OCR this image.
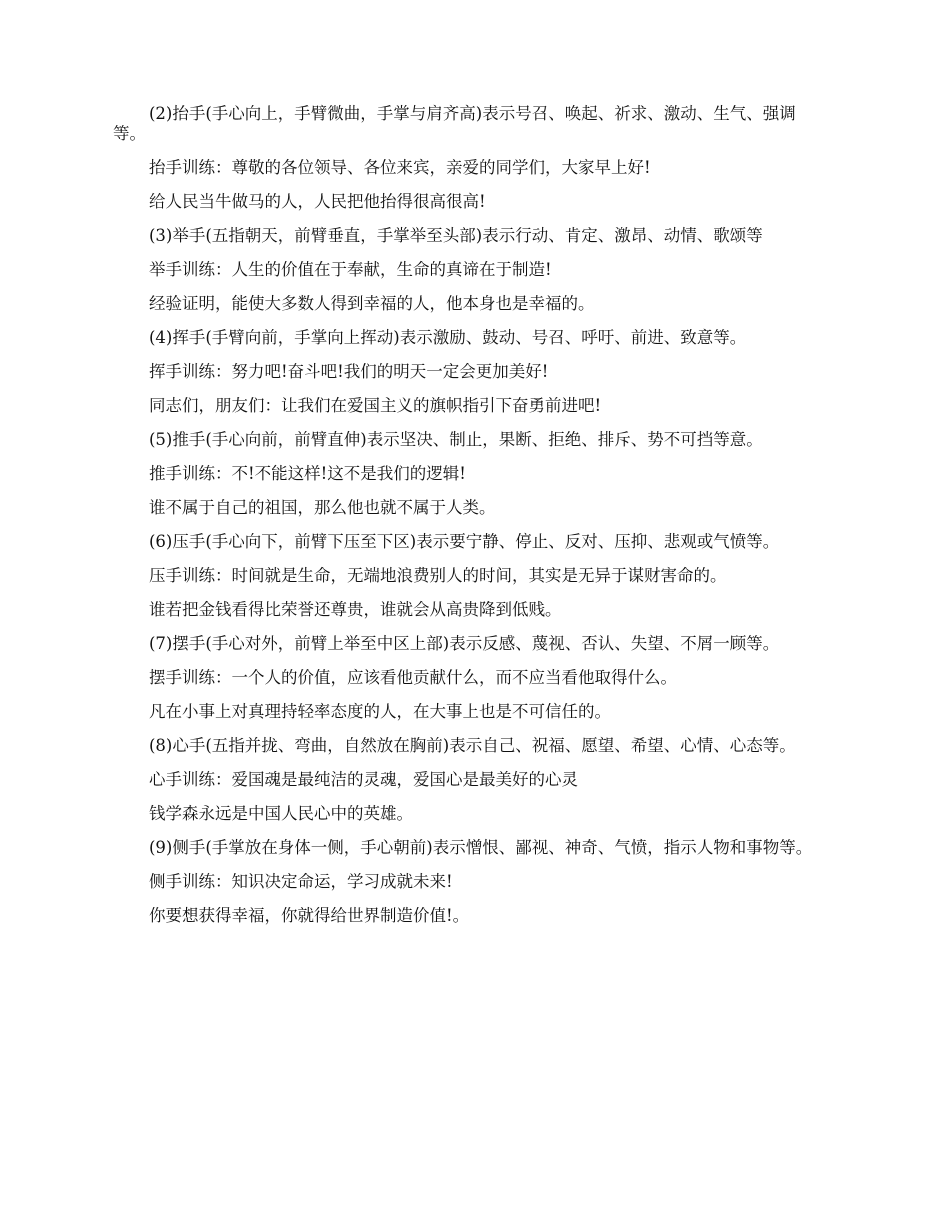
(2)抬手(手心向上，手臂微曲，手掌与肩齐高)表示号召、唤起、祈求、激动、生气、强调等。

抬手训练：尊敬的各位领导、各位来宾，亲爱的同学们，大家早上好!

给人民当牛做马的人，人民把他抬得很高很高!

(3)举手(五指朝天，前臂垂直，手掌举至头部)表示行动、肯定、激昂、动情、歌颂等

举手训练：人生的价值在于奉献，生命的真谛在于制造!

经验证明，能使大多数人得到幸福的人，他本身也是幸福的。

(4)挥手(手臂向前，手掌向上挥动)表示激励、鼓动、号召、呼吁、前进、致意等。

挥手训练：努力吧!奋斗吧!我们的明天一定会更加美好!

同志们，朋友们：让我们在爱国主义的旗帜指引下奋勇前进吧!

(5)推手(手心向前，前臂直伸)表示坚决、制止，果断、拒绝、排斥、势不可挡等意。

推手训练：不!不能这样!这不是我们的逻辑!

谁不属于自己的祖国，那么他也就不属于人类。

(6)压手(手心向下，前臂下压至下区)表示要宁静、停止、反对、压抑、悲观或气愤等。

压手训练：时间就是生命，无端地浪费别人的时间，其实是无异于谋财害命的。

谁若把金钱看得比荣誉还尊贵，谁就会从高贵降到低贱。

(7)摆手(手心对外，前臂上举至中区上部)表示反感、蔑视、否认、失望、不屑一顾等。

摆手训练：一个人的价值，应该看他贡献什么，而不应当看他取得什么。

凡在小事上对真理持轻率态度的人，在大事上也是不可信任的。

(8)心手(五指并拢、弯曲，自然放在胸前)表示自己、祝福、愿望、希望、心情、心态等。

心手训练：爱国魂是最纯洁的灵魂，爱国心是最美好的心灵

钱学森永远是中国人民心中的英雄。

(9)侧手(手掌放在身体一侧，手心朝前)表示憎恨、鄙视、神奇、气愤，指示人物和事物等。

侧手训练：知识决定命运，学习成就未来!

你要想获得幸福，你就得给世界制造价值!。
